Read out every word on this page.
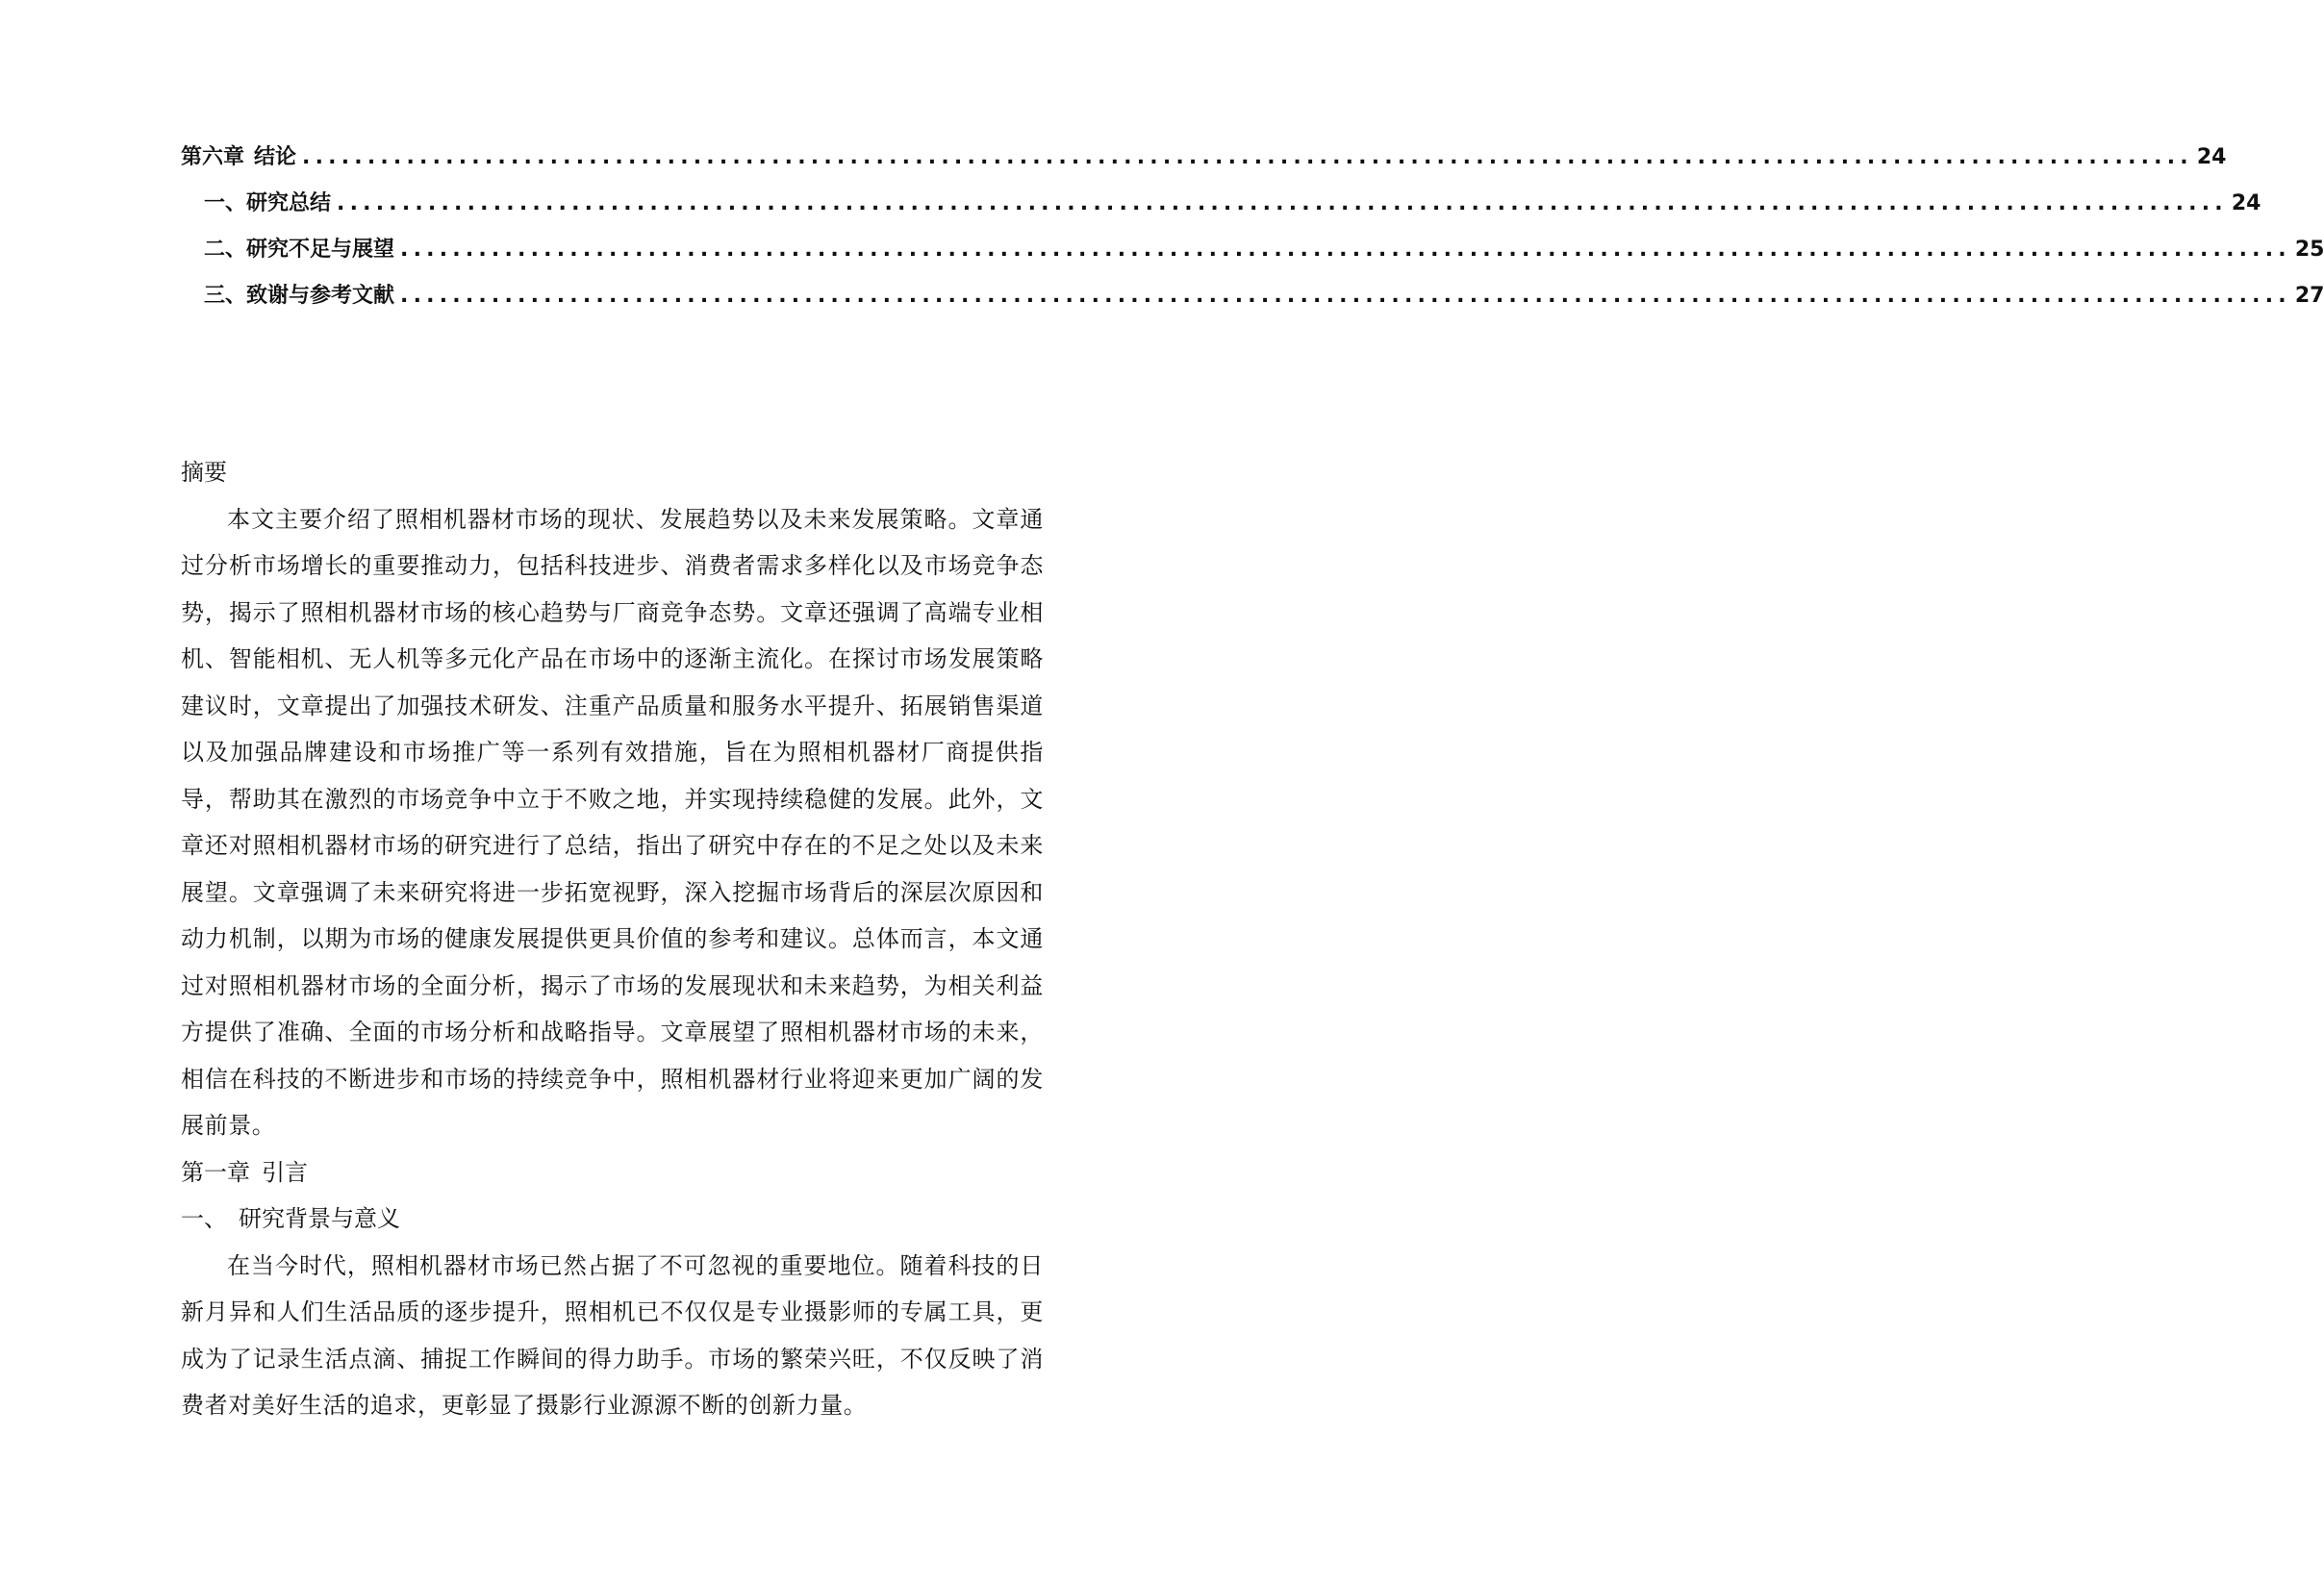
第六章 结论 ................................................................................................................................................. 24
一、 研究总结 ................................................................................................................................................. 24
二、 研究不足与展望 ................................................................................................................................................. 25
三、 致谢与参考文献 ................................................................................................................................................. 27

摘要

本文主要介绍了照相机器材市场的现状、发展趋势以及未来发展策略。文章通过分析市场增长的重要推动力，包括科技进步、消费者需求多样化以及市场竞争态势，揭示了照相机器材市场的核心趋势与厂商竞争态势。文章还强调了高端专业相机、智能相机、无人机等多元化产品在市场中的逐渐主流化。在探讨市场发展策略建议时，文章提出了加强技术研发、注重产品质量和服务水平提升、拓展销售渠道以及加强品牌建设和市场推广等一系列有效措施，旨在为照相机器材厂商提供指导，帮助其在激烈的市场竞争中立于不败之地，并实现持续稳健的发展。此外，文章还对照相机器材市场的研究进行了总结，指出了研究中存在的不足之处以及未来展望。文章强调了未来研究将进一步拓宽视野，深入挖掘市场背后的深层次原因和动力机制，以期为市场的健康发展提供更具价值的参考和建议。总体而言，本文通过对照相机器材市场的全面分析，揭示了市场的发展现状和未来趋势，为相关利益方提供了准确、全面的市场分析和战略指导。文章展望了照相机器材市场的未来，相信在科技的不断进步和市场的持续竞争中，照相机器材行业将迎来更加广阔的发展前景。

第一章 引言

一、 研究背景与意义

在当今时代，照相机器材市场已然占据了不可忽视的重要地位。随着科技的日新月异和人们生活品质的逐步提升，照相机已不仅仅是专业摄影师的专属工具，更成为了记录生活点滴、捕捉工作瞬间的得力助手。市场的繁荣兴旺，不仅反映了消费者对美好生活的追求，更彰显了摄影行业源源不断的创新力量。
